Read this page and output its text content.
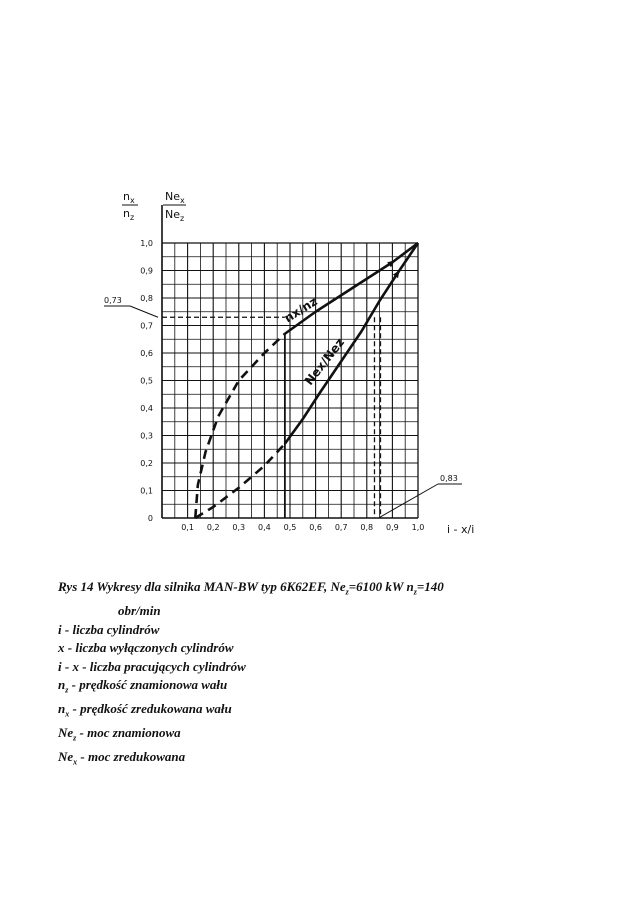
0,1 0,2 0,3 0,4 0,5 0,6 0,7 0,8 0,9 1,0
0
0,1
0,2
0,3
0,4
0,5
0,6
0,7
0,8
0,9
1,0
nx/nz
Nex/Nez
0,73
0,83
$n_x$
$n_z$
$Ne_x$
$Ne_z$
i - x/i
Rys 14 Wykresy dla silnika MAN-BW typ 6K62EF, $Ne_z=6100$ kW $n_z=140$
obr/min
i - liczba cylindrów
x - liczba wyłączonych cylindrów
i - x - liczba pracujących cylindrów
$n_z$ - prędkość znamionowa wału
$n_x$ - prędkość zredukowana wału
$Ne_z$ - moc znamionowa
$Ne_x$ - moc zredukowana
